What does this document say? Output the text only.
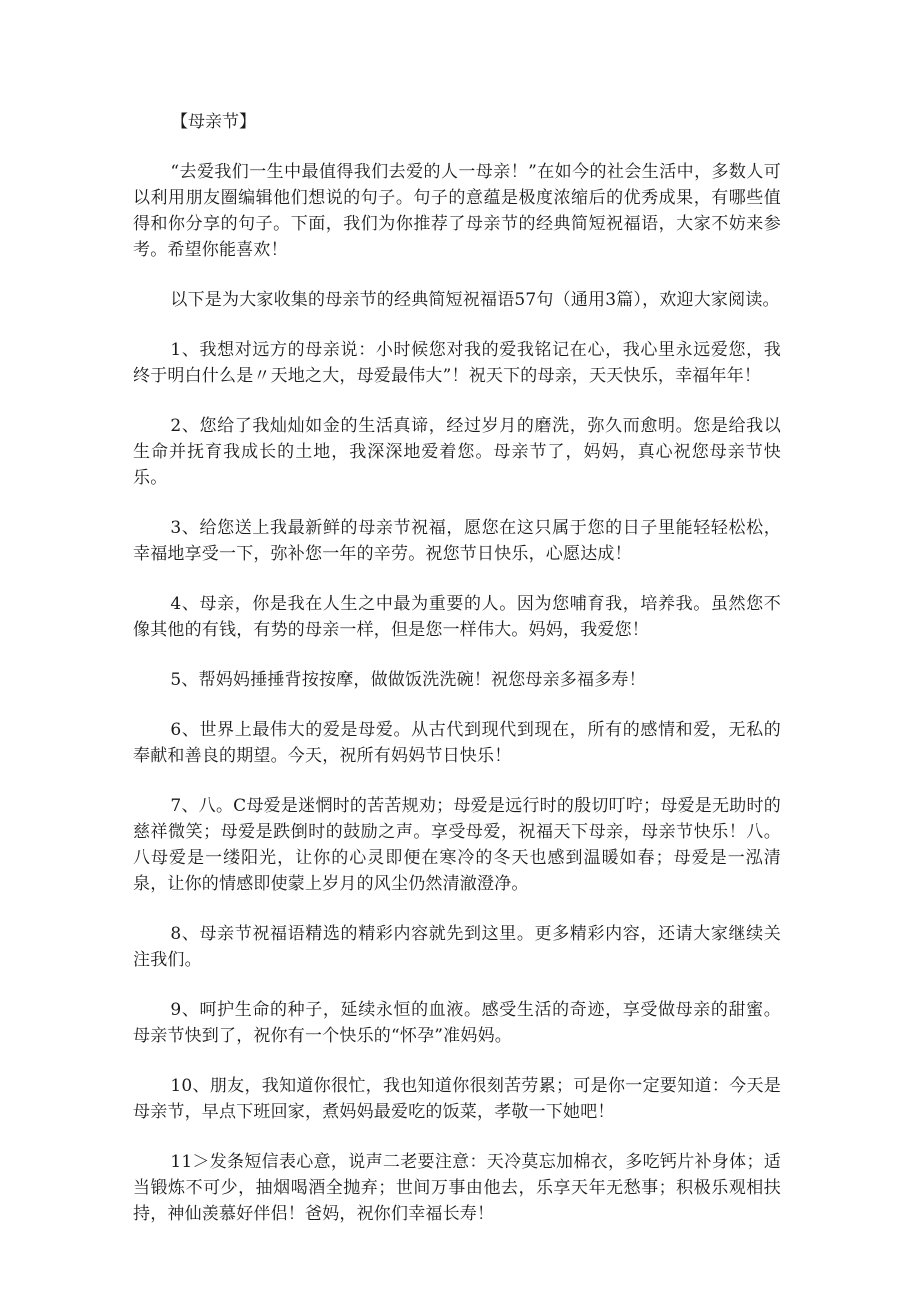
【母亲节】

“去爱我们一生中最值得我们去爱的人一母亲！”在如今的社会生活中，多数人可以利用朋友圈编辑他们想说的句子。句子的意蕴是极度浓缩后的优秀成果，有哪些值得和你分享的句子。下面，我们为你推荐了母亲节的经典简短祝福语，大家不妨来参考。希望你能喜欢！

以下是为大家收集的母亲节的经典简短祝福语57句（通用3篇），欢迎大家阅读。

1、我想对远方的母亲说：小时候您对我的爱我铭记在心，我心里永远爱您，我终于明白什么是〃天地之大，母爱最伟大”！祝天下的母亲，天天快乐，幸福年年！

2、您给了我灿灿如金的生活真谛，经过岁月的磨洗，弥久而愈明。您是给我以生命并抚育我成长的土地，我深深地爱着您。母亲节了，妈妈，真心祝您母亲节快乐。

3、给您送上我最新鲜的母亲节祝福，愿您在这只属于您的日子里能轻轻松松，幸福地享受一下，弥补您一年的辛劳。祝您节日快乐，心愿达成！

4、母亲，你是我在人生之中最为重要的人。因为您哺育我，培养我。虽然您不像其他的有钱，有势的母亲一样，但是您一样伟大。妈妈，我爱您！

5、帮妈妈捶捶背按按摩，做做饭洗洗碗！祝您母亲多福多寿！

6、世界上最伟大的爱是母爱。从古代到现代到现在，所有的感情和爱，无私的奉献和善良的期望。今天，祝所有妈妈节日快乐！

7、八。C母爱是迷惘时的苦苦规劝；母爱是远行时的殷切叮咛；母爱是无助时的慈祥微笑；母爱是跌倒时的鼓励之声。享受母爱，祝福天下母亲，母亲节快乐！八。八母爱是一缕阳光，让你的心灵即便在寒冷的冬天也感到温暖如春；母爱是一泓清泉，让你的情感即使蒙上岁月的风尘仍然清澈澄净。

8、母亲节祝福语精选的精彩内容就先到这里。更多精彩内容，还请大家继续关注我们。

9、呵护生命的种子，延续永恒的血液。感受生活的奇迹，享受做母亲的甜蜜。母亲节快到了，祝你有一个快乐的“怀孕”准妈妈。

10、朋友，我知道你很忙，我也知道你很刻苦劳累；可是你一定要知道：今天是母亲节，早点下班回家，煮妈妈最爱吃的饭菜，孝敬一下她吧！

11＞发条短信表心意，说声二老要注意：天冷莫忘加棉衣，多吃钙片补身体；适当锻炼不可少，抽烟喝酒全抛弃；世间万事由他去，乐享天年无愁事；积极乐观相扶持，神仙羡慕好伴侣！爸妈，祝你们幸福长寿！
